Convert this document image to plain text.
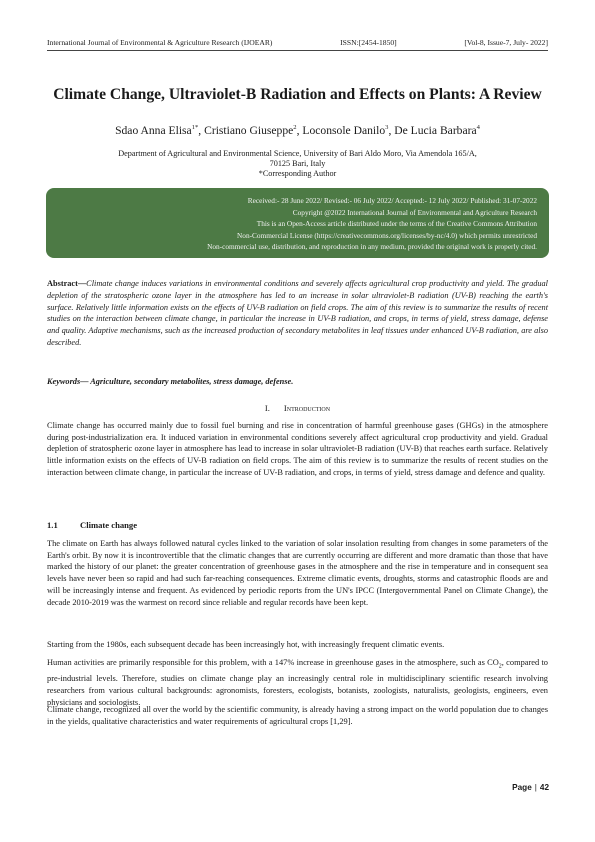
International Journal of Environmental & Agriculture Research (IJOEAR)	ISSN:[2454-1850]	[Vol-8, Issue-7, July- 2022]
Climate Change, Ultraviolet-B Radiation and Effects on Plants: A Review
Sdao Anna Elisa$^{1*}$, Cristiano Giuseppe$^2$, Loconsole Danilo$^3$, De Lucia Barbara$^4$
Department of Agricultural and Environmental Science, University of Bari Aldo Moro, Via Amendola 165/A,
70125 Bari, Italy
*Corresponding Author
Received:- 28 June 2022/ Revised:- 06 July 2022/ Accepted:- 12 July 2022/ Published: 31-07-2022
Copyright @2022 International Journal of Environmental and Agriculture Research
This is an Open-Access article distributed under the terms of the Creative Commons Attribution
Non-Commercial License (https://creativecommons.org/licenses/by-nc/4.0) which permits unrestricted
Non-commercial use, distribution, and reproduction in any medium, provided the original work is properly cited.
Abstract—Climate change induces variations in environmental conditions and severely affects agricultural crop productivity and yield. The gradual depletion of the stratospheric ozone layer in the atmosphere has led to an increase in solar ultraviolet-B radiation (UV-B) reaching the earth's surface. Relatively little information exists on the effects of UV-B radiation on field crops. The aim of this review is to summarize the results of recent studies on the interaction between climate change, in particular the increase in UV-B radiation, and crops, in terms of yield, stress damage, defense and quality. Adaptive mechanisms, such as the increased production of secondary metabolites in leaf tissues under enhanced UV-B radiation, are also described.
Keywords— Agriculture, secondary metabolites, stress damage, defense.
I. Introduction
Climate change has occurred mainly due to fossil fuel burning and rise in concentration of harmful greenhouse gases (GHGs) in the atmosphere during post-industrialization era. It induced variation in environmental conditions severely affect agricultural crop productivity and yield. Gradual depletion of stratospheric ozone layer in atmosphere has lead to increase in solar ultraviolet-B radiation (UV-B) that reaches earth surface. Relatively little information exists on the effects of UV-B radiation on field crops. The aim of this review is to summarize the results of recent studies on the interaction between climate change, in particular the increase of UV-B radiation, and crops, in terms of yield, stress damage and defence and quality.
1.1	Climate change
The climate on Earth has always followed natural cycles linked to the variation of solar insolation resulting from changes in some parameters of the Earth's orbit. By now it is incontrovertible that the climatic changes that are currently occurring are different and more dramatic than those that have marked the history of our planet: the greater concentration of greenhouse gases in the atmosphere and the rise in temperature and in consequent sea levels have never been so rapid and had such far-reaching consequences. Extreme climatic events, droughts, storms and catastrophic floods are and will be increasingly intense and frequent. As evidenced by periodic reports from the UN's IPCC (Intergovernmental Panel on Climate Change), the decade 2010-2019 was the warmest on record since reliable and regular records have been kept.
Starting from the 1980s, each subsequent decade has been increasingly hot, with increasingly frequent climatic events.
Human activities are primarily responsible for this problem, with a 147% increase in greenhouse gases in the atmosphere, such as $CO_2$, compared to pre-industrial levels. Therefore, studies on climate change play an increasingly central role in multidisciplinary scientific research involving researchers from various cultural backgrounds: agronomists, foresters, ecologists, botanists, zoologists, naturalists, geologists, engineers, even physicians and sociologists.
Climate change, recognized all over the world by the scientific community, is already having a strong impact on the world population due to changes in the yields, qualitative characteristics and water requirements of agricultural crops [1,29].
Page | 42
